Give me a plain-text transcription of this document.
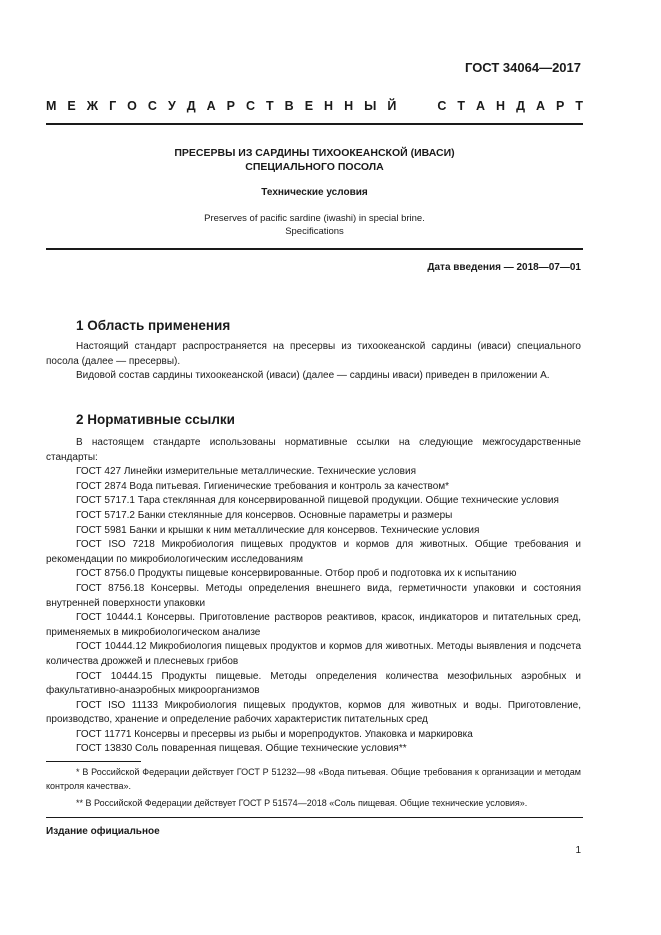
ГОСТ 34064—2017
М Е Ж Г О С У Д А Р С Т В Е Н Н Ы Й	С Т А Н Д А Р Т
ПРЕСЕРВЫ ИЗ САРДИНЫ ТИХООКЕАНСКОЙ (ИВАСИ)
СПЕЦИАЛЬНОГО ПОСОЛА
Технические условия
Preserves of pacific sardine (iwashi) in special brine.
Specifications
Дата введения — 2018—07—01
1 Область применения

Настоящий стандарт распространяется на пресервы из тихоокеанской сардины (иваси) специального посола (далее — пресервы).

Видовой состав сардины тихоокеанской (иваси) (далее — сардины иваси) приведен в приложении А.

2 Нормативные ссылки

В настоящем стандарте использованы нормативные ссылки на следующие межгосударственные стандарты:

ГОСТ 427 Линейки измерительные металлические. Технические условия

ГОСТ 2874 Вода питьевая. Гигиенические требования и контроль за качеством*

ГОСТ 5717.1 Тара стеклянная для консервированной пищевой продукции. Общие технические условия

ГОСТ 5717.2 Банки стеклянные для консервов. Основные параметры и размеры

ГОСТ 5981 Банки и крышки к ним металлические для консервов. Технические условия

ГОСТ ISO 7218 Микробиология пищевых продуктов и кормов для животных. Общие требования и рекомендации по микробиологическим исследованиям

ГОСТ 8756.0 Продукты пищевые консервированные. Отбор проб и подготовка их к испытанию

ГОСТ 8756.18 Консервы. Методы определения внешнего вида, герметичности упаковки и состояния внутренней поверхности упаковки

ГОСТ 10444.1 Консервы. Приготовление растворов реактивов, красок, индикаторов и питательных сред, применяемых в микробиологическом анализе

ГОСТ 10444.12 Микробиология пищевых продуктов и кормов для животных. Методы выявления и подсчета количества дрожжей и плесневых грибов

ГОСТ 10444.15 Продукты пищевые. Методы определения количества мезофильных аэробных и факультативно-анаэробных микроорганизмов

ГОСТ ISO 11133 Микробиология пищевых продуктов, кормов для животных и воды. Приготовление, производство, хранение и определение рабочих характеристик питательных сред

ГОСТ 11771 Консервы и пресервы из рыбы и морепродуктов. Упаковка и маркировка

ГОСТ 13830 Соль поваренная пищевая. Общие технические условия**

* В Российской Федерации действует ГОСТ Р 51232—98 «Вода питьевая. Общие требования к организации и методам контроля качества».

** В Российской Федерации действует ГОСТ Р 51574—2018 «Соль пищевая. Общие технические условия».

Издание официальное
1
